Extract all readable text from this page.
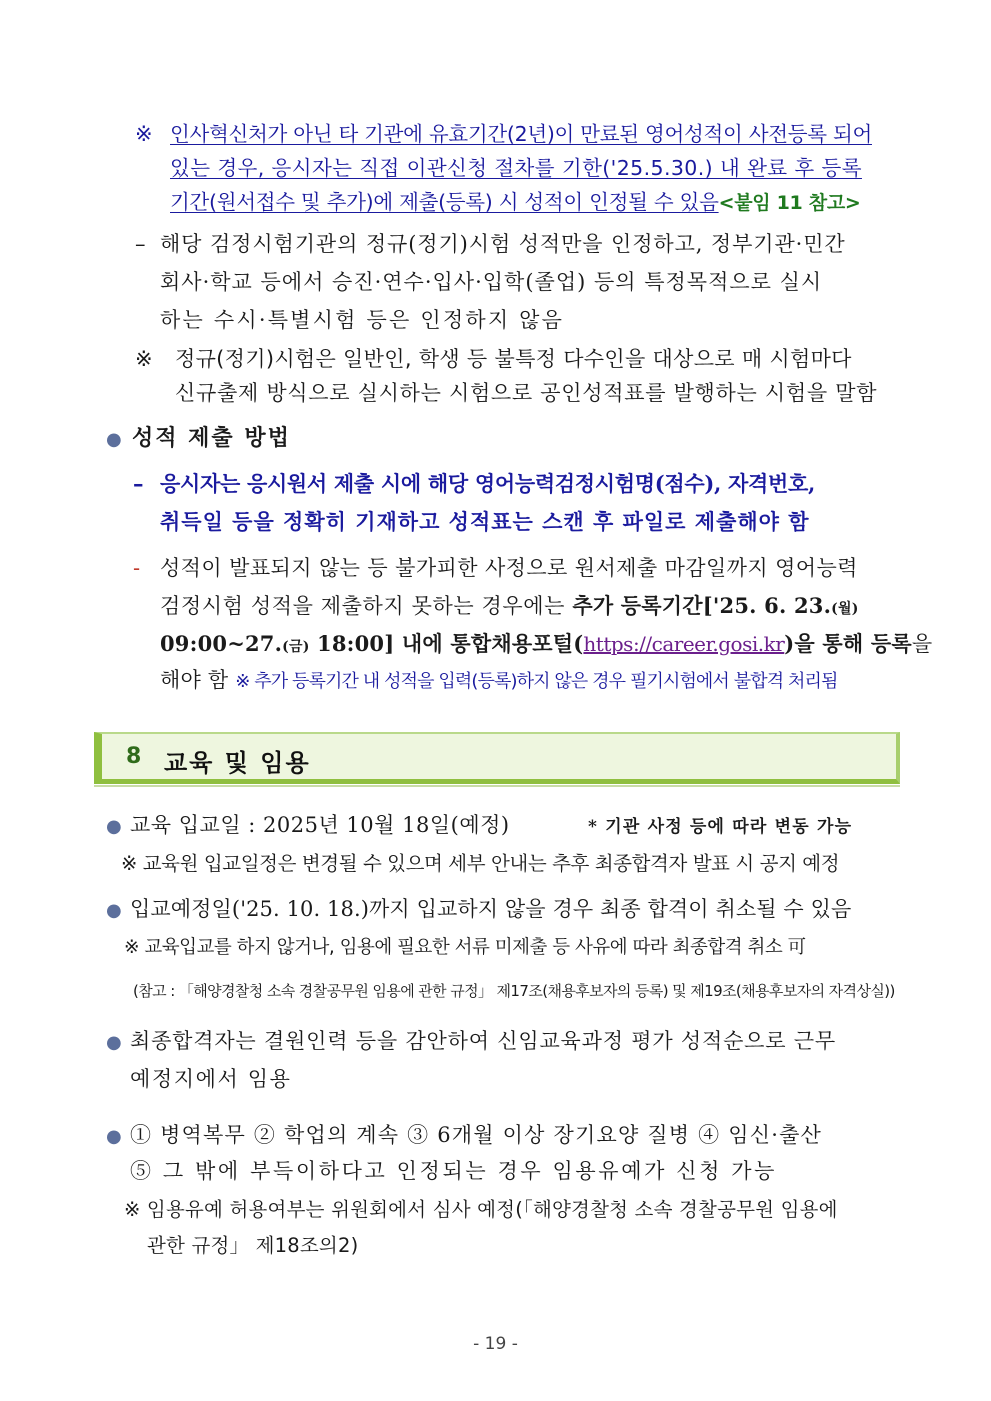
※ 인사혁신처가 아닌 타 기관에 유효기간(2년)이 만료된 영어성적이 사전등록 되어
있는 경우, 응시자는 직접 이관신청 절차를 기한('25.5.30.) 내 완료 후 등록
기간(원서접수 및 추가)에 제출(등록) 시 성적이 인정될 수 있음<붙임 11 참고>
– 해당 검정시험기관의 정규(정기)시험 성적만을 인정하고, 정부기관·민간
회사·학교 등에서 승진·연수·입사·입학(졸업) 등의 특정목적으로 실시
하는 수시·특별시험 등은 인정하지 않음
※ 정규(정기)시험은 일반인, 학생 등 불특정 다수인을 대상으로 매 시험마다
신규출제 방식으로 실시하는 시험으로 공인성적표를 발행하는 시험을 말함
● 성적 제출 방법
– 응시자는 응시원서 제출 시에 해당 영어능력검정시험명(점수), 자격번호,
취득일 등을 정확히 기재하고 성적표는 스캔 후 파일로 제출해야 함
- 성적이 발표되지 않는 등 불가피한 사정으로 원서제출 마감일까지 영어능력
검정시험 성적을 제출하지 못하는 경우에는 추가 등록기간['25. 6. 23.(월)
09:00~27.(금) 18:00] 내에 통합채용포털(https://career.gosi.kr)을 통해 등록을
해야 함 ※ 추가 등록기간 내 성적을 입력(등록)하지 않은 경우 필기시험에서 불합격 처리됨
8 교육 및 임용
● 교육 입교일 : 2025년 10월 18일(예정)	* 기관 사정 등에 따라 변동 가능
※ 교육원 입교일정은 변경될 수 있으며 세부 안내는 추후 최종합격자 발표 시 공지 예정
● 입교예정일('25. 10. 18.)까지 입교하지 않을 경우 최종 합격이 취소될 수 있음
※ 교육입교를 하지 않거나, 임용에 필요한 서류 미제출 등 사유에 따라 최종합격 취소 可
(참고 : 「해양경찰청 소속 경찰공무원 임용에 관한 규정」 제17조(채용후보자의 등록) 및 제19조(채용후보자의 자격상실))
● 최종합격자는 결원인력 등을 감안하여 신임교육과정 평가 성적순으로 근무
예정지에서 임용
● ① 병역복무 ② 학업의 계속 ③ 6개월 이상 장기요양 질병 ④ 임신·출산
⑤ 그 밖에 부득이하다고 인정되는 경우 임용유예가 신청 가능
※ 임용유예 허용여부는 위원회에서 심사 예정(「해양경찰청 소속 경찰공무원 임용에
관한 규정」 제18조의2)
- 19 -
